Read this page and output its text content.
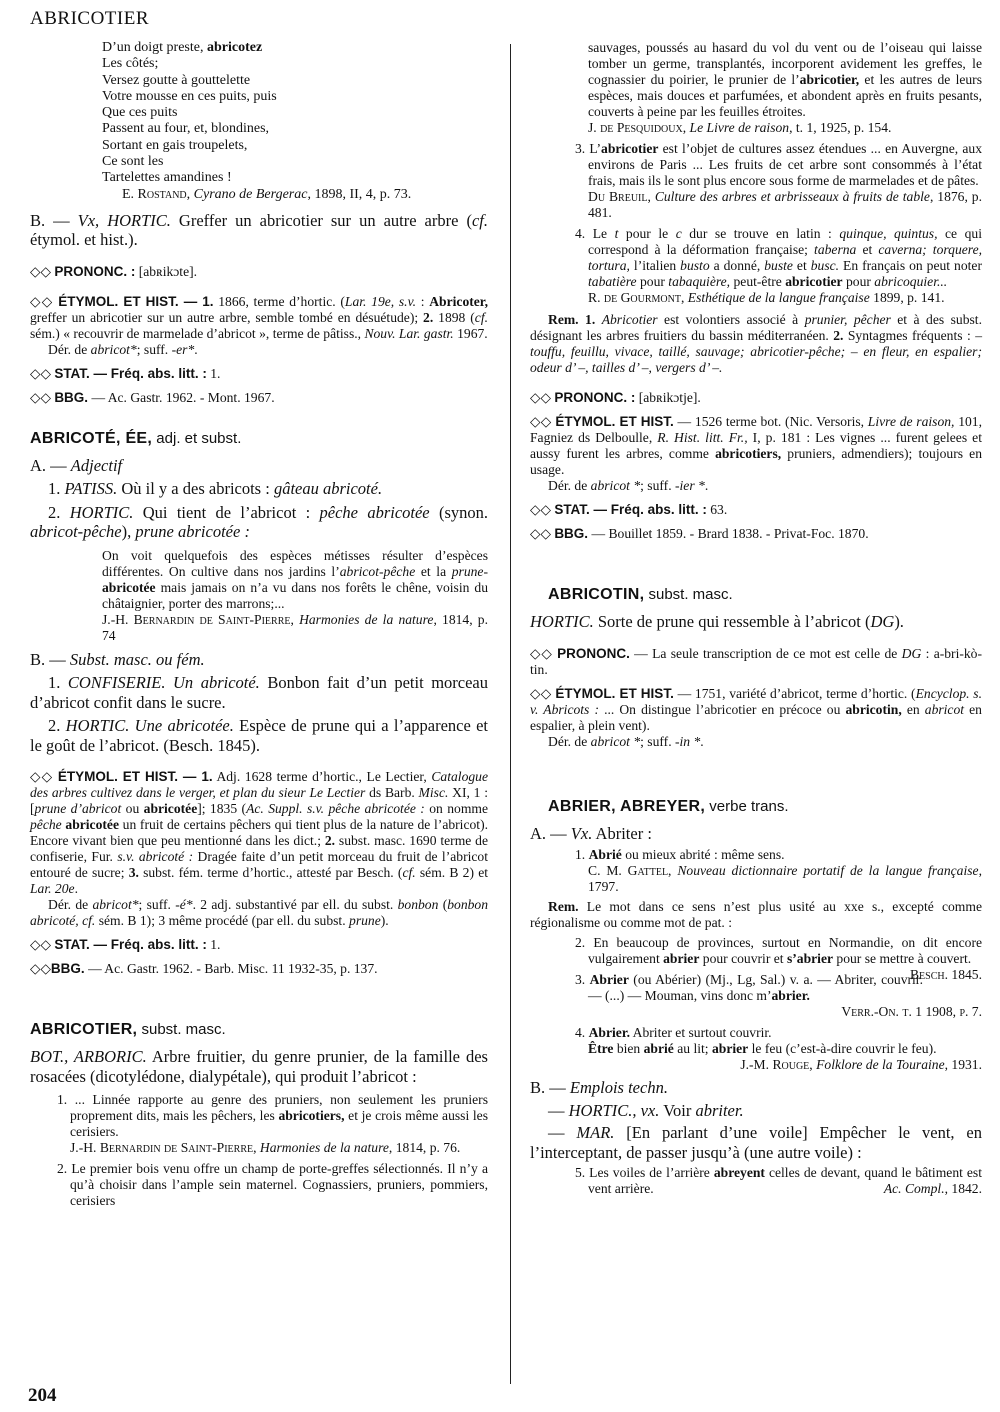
ABRICOTIER
D’un doigt preste, abricotez
Les côtés;
Versez goutte à gouttelette
Votre mousse en ces puits, puis
Que ces puits
Passent au four, et, blondines,
Sortant en gais troupelets,
Ce sont les
Tartelettes amandines !
E. Rostand, Cyrano de Bergerac, 1898, II, 4, p. 73.

B. — Vx, HORTIC. Greffer un abricotier sur un autre arbre (cf. étymol. et hist.).

◇◇ PRONONC. : [abʀikɔte].

◇◇ ÉTYMOL. ET HIST. — 1. 1866, terme d’hortic. (Lar. 19e, s.v. : Abricoter, greffer un abricotier sur un autre arbre, semble tombé en désuétude); 2. 1898 (cf. sém.) « recouvrir de marmelade d’abricot », terme de pâtiss., Nouv. Lar. gastr. 1967.

Dér. de abricot*; suff. -er*.

◇◇ STAT. — Fréq. abs. litt. : 1.

◇◇ BBG. — Ac. Gastr. 1962. - Mont. 1967.

ABRICOTÉ, ÉE, adj. et subst.

A. — Adjectif

1. PATISS. Où il y a des abricots : gâteau abricoté.

2. HORTIC. Qui tient de l’abricot : pêche abricotée (synon. abricot-pêche), prune abricotée :

On voit quelquefois des espèces métisses résulter d’espèces différentes. On cultive dans nos jardins l’abricot-pêche et la prune-abricotée mais jamais on n’a vu dans nos forêts le chêne, voisin du châtaignier, porter des marrons;...

J.-H. Bernardin de Saint-Pierre, Harmonies de la nature, 1814, p. 74

B. — Subst. masc. ou fém.

1. CONFISERIE. Un abricoté. Bonbon fait d’un petit morceau d’abricot confit dans le sucre.

2. HORTIC. Une abricotée. Espèce de prune qui a l’apparence et le goût de l’abricot. (Besch. 1845).

◇◇ ÉTYMOL. ET HIST. — 1. Adj. 1628 terme d’hortic., Le Lectier, Catalogue des arbres cultivez dans le verger, et plan du sieur Le Lectier ds Barb. Misc. XI, 1 : [prune d’abricot ou abricotée]; 1835 (Ac. Suppl. s.v. pêche abricotée : on nomme pêche abricotée un fruit de certains pêchers qui tient plus de la nature de l’abricot). Encore vivant bien que peu mentionné dans les dict.; 2. subst. masc. 1690 terme de confiserie, Fur. s.v. abricoté : Dragée faite d’un petit morceau du fruit de l’abricot entouré de sucre; 3. subst. fém. terme d’hortic., attesté par Besch. (cf. sém. B 2) et Lar. 20e.

Dér. de abricot*; suff. -é*. 2 adj. substantivé par ell. du subst. bonbon (bonbon abricoté, cf. sém. B 1); 3 même procédé (par ell. du subst. prune).

◇◇ STAT. — Fréq. abs. litt. : 1.

◇◇BBG. — Ac. Gastr. 1962. - Barb. Misc. 11 1932-35, p. 137.

ABRICOTIER, subst. masc.

BOT., ARBORIC. Arbre fruitier, du genre prunier, de la famille des rosacées (dicotylédone, dialypétale), qui produit l’abricot :

1. ... Linnée rapporte au genre des pruniers, non seulement les pruniers proprement dits, mais les pêchers, les abricotiers, et je crois même aussi les cerisiers.

J.-H. Bernardin de Saint-Pierre, Harmonies de la nature, 1814, p. 76.

2. Le premier bois venu offre un champ de porte-greffes sélectionnés. Il n’y a qu’à choisir dans l’ample sein maternel. Cognassiers, pruniers, pommiers, cerisiers

sauvages, poussés au hasard du vol du vent ou de l’oiseau qui laisse tomber un germe, transplantés, incorporent avidement les greffes, le cognassier du poirier, le prunier de l’abricotier, et les autres de leurs espèces, mais douces et parfumées, et abondent après en fruits pesants, couverts à peine par les feuilles étroites.

J. de Pesquidoux, Le Livre de raison, t. 1, 1925, p. 154.

3. L’abricotier est l’objet de cultures assez étendues ... en Auvergne, aux environs de Paris ... Les fruits de cet arbre sont consommés à l’état frais, mais ils le sont plus encore sous forme de marmelades et de pâtes.

Du Breuil, Culture des arbres et arbrisseaux à fruits de table, 1876, p. 481.

4. Le t pour le c dur se trouve en latin : quinque, quintus, ce qui correspond à la déformation française; taberna et caverna; torquere, tortura, l’italien busto a donné, buste et busc. En français on peut noter tabatière pour tabaquière, peut-être abricotier pour abricoquier...

R. de Gourmont, Esthétique de la langue française 1899, p. 141.

Rem. 1. Abricotier est volontiers associé à prunier, pêcher et à des subst. désignant les arbres fruitiers du bassin méditerranéen. 2. Syntagmes fréquents : – touffu, feuillu, vivace, taillé, sauvage; abricotier-pêche; – en fleur, en espalier; odeur d’ –, tailles d’ –, vergers d’ –.

◇◇ PRONONC. : [abʀikɔtje].

◇◇ ÉTYMOL. ET HIST. — 1526 terme bot. (Nic. Versoris, Livre de raison, 101, Fagniez ds Delboulle, R. Hist. litt. Fr., I, p. 181 : Les vignes ... furent gelees et aussy furent les arbres, comme abricotiers, pruniers, admendiers); toujours en usage.

Dér. de abricot *; suff. -ier *.

◇◇ STAT. — Fréq. abs. litt. : 63.

◇◇ BBG. — Bouillet 1859. - Brard 1838. - Privat-Foc. 1870.

ABRICOTIN, subst. masc.

HORTIC. Sorte de prune qui ressemble à l’abricot (DG).

◇◇ PRONONC. — La seule transcription de ce mot est celle de DG : a-bri-kò-tin.

◇◇ ÉTYMOL. ET HIST. — 1751, variété d’abricot, terme d’hortic. (Encyclop. s. v. Abricots : ... On distingue l’abricotier en précoce ou abricotin, en abricot en espalier, à plein vent).

Dér. de abricot *; suff. -in *.

ABRIER, ABREYER, verbe trans.

A. — Vx. Abriter :

1. Abrié ou mieux abrité : même sens.

C. M. Gattel, Nouveau dictionnaire portatif de la langue française, 1797.

Rem. Le mot dans ce sens n’est plus usité au xxe s., excepté comme régionalisme ou comme mot de pat. :

2. En beaucoup de provinces, surtout en Normandie, on dit encore vulgairement abrier pour couvrir et s’abrier pour se mettre à couvert.
Besch. 1845.

3. Abrier (ou Abérier) (Mj., Lg, Sal.) v. a. — Abriter, couvrir. — (...) — Mouman, vins donc m’abrier.

Verr.-On. t. 1 1908, p. 7.

4. Abrier. Abriter et surtout couvrir.

Être bien abrié au lit; abrier le feu (c’est-à-dire couvrir le feu).

J.-M. Rouge, Folklore de la Touraine, 1931.

B. — Emplois techn.

— HORTIC., vx. Voir abriter.

— MAR. [En parlant d’une voile] Empêcher le vent, en l’interceptant, de passer jusqu’à (une autre voile) :

5. Les voiles de l’arrière abreyent celles de devant, quand le bâtiment est vent arrière.	Ac. Compl., 1842.

204
